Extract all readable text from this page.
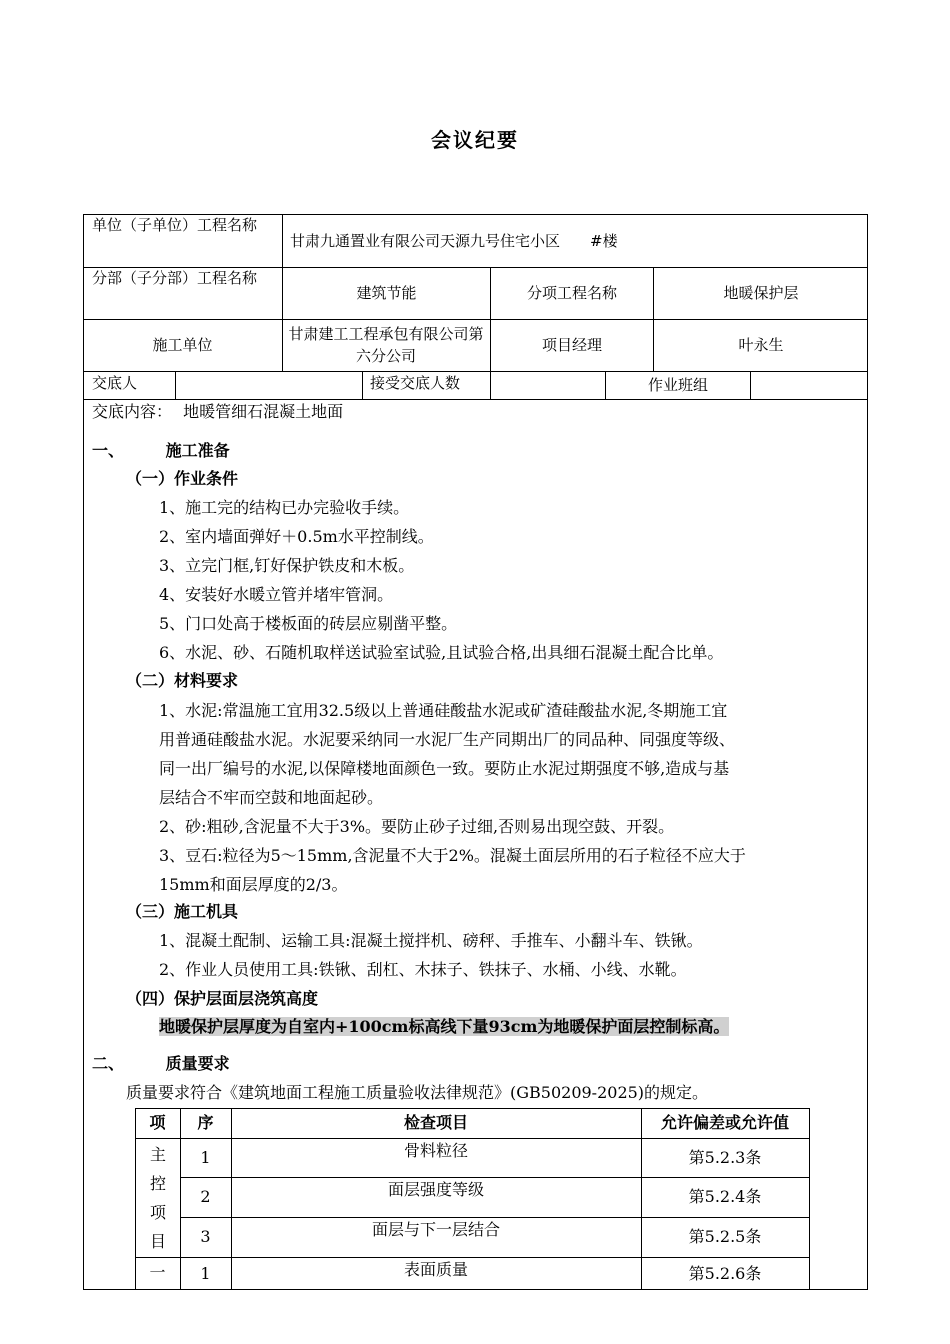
会议纪要
单位（子单位）工程名称
甘肃九通置业有限公司天源九号住宅小区　　#楼
分部（子分部）工程名称
建筑节能	分项工程名称	地暖保护层
施工单位
甘肃建工工程承包有限公司第六分公司
项目经理	叶永生
交底人	接受交底人数	作业班组
交底内容： 地暖管细石混凝土地面
一、	施工准备
（一）作业条件
1、施工完的结构已办完验收手续。
2、室内墙面弹好＋0.5m水平控制线。
3、立完门框,钉好保护铁皮和木板。
4、安装好水暖立管并堵牢管洞。
5、门口处高于楼板面的砖层应剔凿平整。
6、水泥、砂、石随机取样送试验室试验,且试验合格,出具细石混凝土配合比单。
（二）材料要求
1、水泥:常温施工宜用32.5级以上普通硅酸盐水泥或矿渣硅酸盐水泥,冬期施工宜
用普通硅酸盐水泥。水泥要采纳同一水泥厂生产同期出厂的同品种、同强度等级、
同一出厂编号的水泥,以保障楼地面颜色一致。要防止水泥过期强度不够,造成与基
层结合不牢而空鼓和地面起砂。
2、砂:粗砂,含泥量不大于3%。要防止砂子过细,否则易出现空鼓、开裂。
3、豆石:粒径为5～15mm,含泥量不大于2%。混凝土面层所用的石子粒径不应大于
15mm和面层厚度的2/3。
（三）施工机具
1、混凝土配制、运输工具:混凝土搅拌机、磅秤、手推车、小翻斗车、铁锹。
2、作业人员使用工具:铁锹、刮杠、木抹子、铁抹子、水桶、小线、水靴。
（四）保护层面层浇筑高度
地暖保护层厚度为自室内+100cm标高线下量93cm为地暖保护面层控制标高。
二、	质量要求
质量要求符合《建筑地面工程施工质量验收法律规范》(GB50209-2025)的规定。
项	序	检查项目	允许偏差或允许值
主控项目
一
1	骨料粒径	第5.2.3条
2	面层强度等级	第5.2.4条
3	面层与下一层结合	第5.2.5条
1	表面质量	第5.2.6条
